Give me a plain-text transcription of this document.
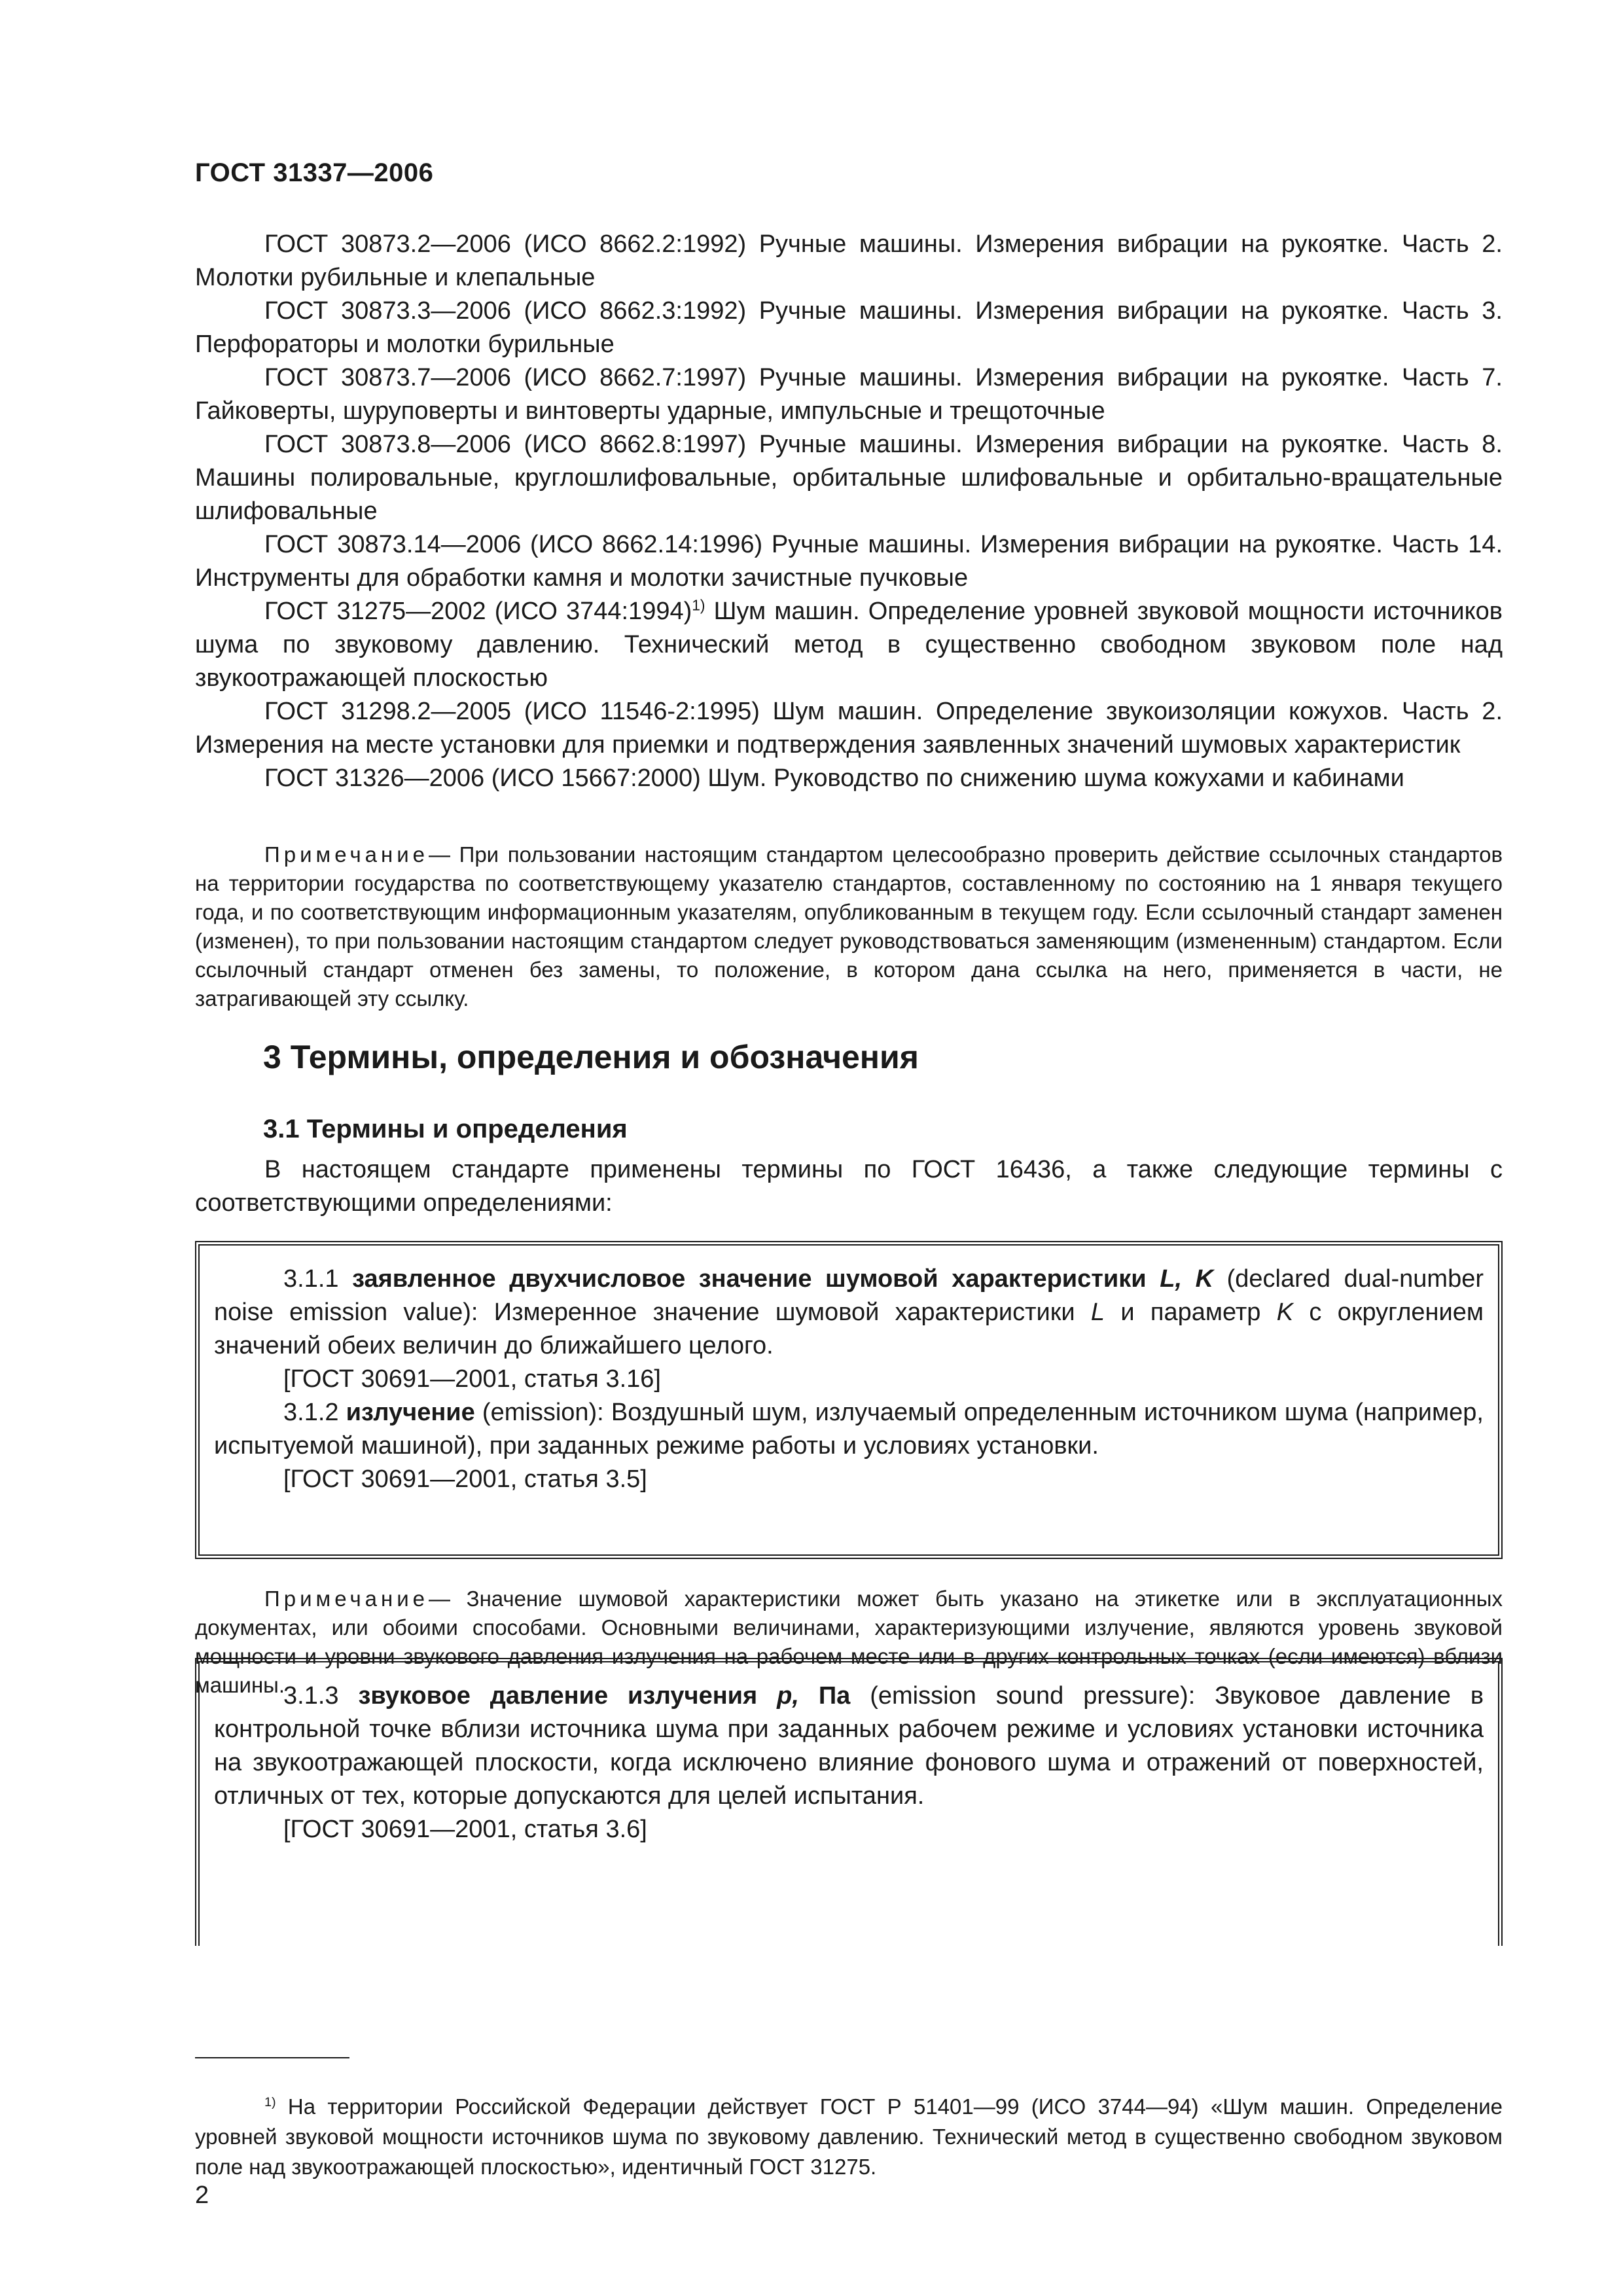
ГОСТ 31337—2006

ГОСТ 30873.2—2006 (ИСО 8662.2:1992) Ручные машины. Измерения вибрации на рукоятке. Часть 2. Молотки рубильные и клепальные

ГОСТ 30873.3—2006 (ИСО 8662.3:1992) Ручные машины. Измерения вибрации на рукоятке. Часть 3. Перфораторы и молотки бурильные

ГОСТ 30873.7—2006 (ИСО 8662.7:1997) Ручные машины. Измерения вибрации на рукоятке. Часть 7. Гайковерты, шуруповерты и винтоверты ударные, импульсные и трещоточные

ГОСТ 30873.8—2006 (ИСО 8662.8:1997) Ручные машины. Измерения вибрации на рукоятке. Часть 8. Машины полировальные, круглошлифовальные, орбитальные шлифовальные и орбитально-вращательные шлифовальные

ГОСТ 30873.14—2006 (ИСО 8662.14:1996) Ручные машины. Измерения вибрации на рукоятке. Часть 14. Инструменты для обработки камня и молотки зачистные пучковые

ГОСТ 31275—2002 (ИСО 3744:1994)$^{1)}$ Шум машин. Определение уровней звуковой мощности источников шума по звуковому давлению. Технический метод в существенно свободном звуковом поле над звукоотражающей плоскостью

ГОСТ 31298.2—2005 (ИСО 11546-2:1995) Шум машин. Определение звукоизоляции кожухов. Часть 2. Измерения на месте установки для приемки и подтверждения заявленных значений шумовых характеристик

ГОСТ 31326—2006 (ИСО 15667:2000) Шум. Руководство по снижению шума кожухами и кабинами

Примечание— При пользовании настоящим стандартом целесообразно проверить действие ссылочных стандартов на территории государства по соответствующему указателю стандартов, составленному по состоянию на 1 января текущего года, и по соответствующим информационным указателям, опубликованным в текущем году. Если ссылочный стандарт заменен (изменен), то при пользовании настоящим стандартом следует руководствоваться заменяющим (измененным) стандартом. Если ссылочный стандарт отменен без замены, то положение, в котором дана ссылка на него, применяется в части, не затрагивающей эту ссылку.
3 Термины, определения и обозначения
3.1 Термины и определения

В настоящем стандарте применены термины по ГОСТ 16436, а также следующие термины с соответствующими определениями:

3.1.1 заявленное двухчисловое значение шумовой характеристики L, K (declared dual-number noise emission value): Измеренное значение шумовой характеристики L и параметр K с округлением значений обеих величин до ближайшего целого.

[ГОСТ 30691—2001, статья 3.16]

3.1.2 излучение (emission): Воздушный шум, излучаемый определенным источником шума (например, испытуемой машиной), при заданных режиме работы и условиях установки.

[ГОСТ 30691—2001, статья 3.5]

Примечание— Значение шумовой характеристики может быть указано на этикетке или в эксплуатационных документах, или обоими способами. Основными величинами, характеризующими излучение, являются уровень звуковой мощности и уровни звукового давления излучения на рабочем месте или в других контрольных точках (если имеются) вблизи машины.

3.1.3 звуковое давление излучения p, Па (emission sound pressure): Звуковое давление в контрольной точке вблизи источника шума при заданных рабочем режиме и условиях установки источника на звукоотражающей плоскости, когда исключено влияние фонового шума и отражений от поверхностей, отличных от тех, которые допускаются для целей испытания.

[ГОСТ 30691—2001, статья 3.6]

$^{1)}$ На территории Российской Федерации действует ГОСТ Р 51401—99 (ИСО 3744—94) «Шум машин. Определение уровней звуковой мощности источников шума по звуковому давлению. Технический метод в существенно свободном звуковом поле над звукоотражающей плоскостью», идентичный ГОСТ 31275.
2
